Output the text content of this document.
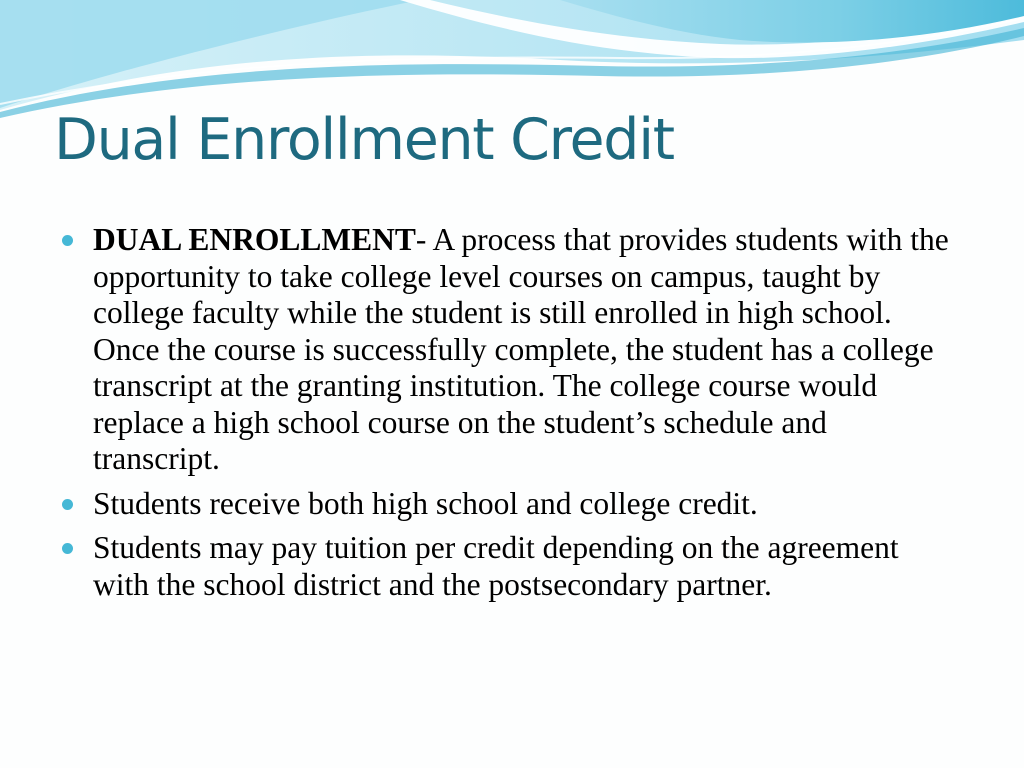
Dual Enrollment Credit
DUAL ENROLLMENT- A process that provides students with the opportunity to take college level courses on campus, taught by college faculty while the student is still enrolled in high school. Once the course is successfully complete, the student has a college transcript at the granting institution. The college course would replace a high school course on the student’s schedule and transcript.
Students receive both high school and college credit.
Students may pay tuition per credit depending on the agreement with the school district and the postsecondary partner.
